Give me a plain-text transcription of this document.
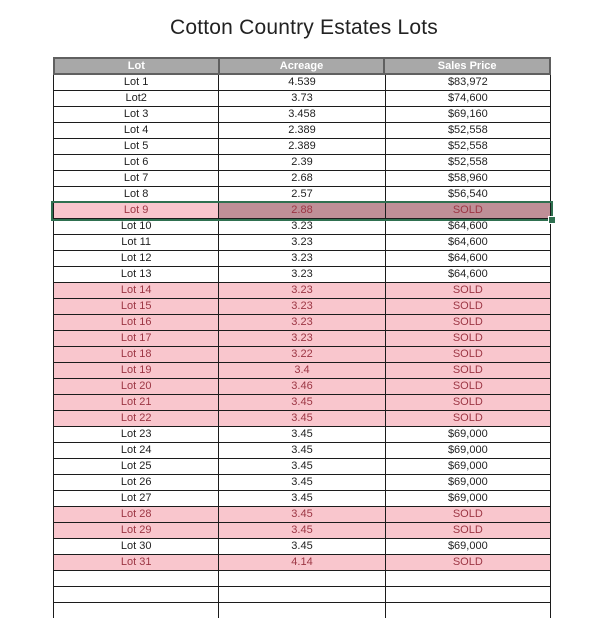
Cotton Country Estates Lots
Lot	Acreage	Sales Price
Lot 1	4.539	$83,972
Lot2	3.73	$74,600
Lot 3	3.458	$69,160
Lot 4	2.389	$52,558
Lot 5	2.389	$52,558
Lot 6	2.39	$52,558
Lot 7	2.68	$58,960
Lot 8	2.57	$56,540
Lot 9	2.88	SOLD
Lot 10	3.23	$64,600
Lot 11	3.23	$64,600
Lot 12	3.23	$64,600
Lot 13	3.23	$64,600
Lot 14	3.23	SOLD
Lot 15	3.23	SOLD
Lot 16	3.23	SOLD
Lot 17	3.23	SOLD
Lot 18	3.22	SOLD
Lot 19	3.4	SOLD
Lot 20	3.46	SOLD
Lot 21	3.45	SOLD
Lot 22	3.45	SOLD
Lot 23	3.45	$69,000
Lot 24	3.45	$69,000
Lot 25	3.45	$69,000
Lot 26	3.45	$69,000
Lot 27	3.45	$69,000
Lot 28	3.45	SOLD
Lot 29	3.45	SOLD
Lot 30	3.45	$69,000
Lot 31	4.14	SOLD
